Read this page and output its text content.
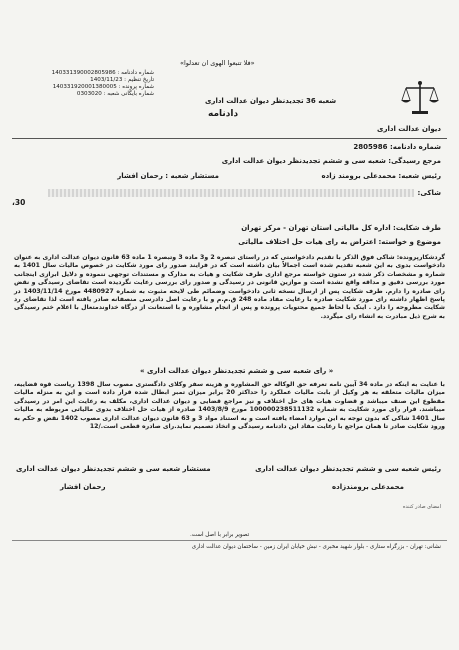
دیوان عدالت اداری
«فلا تتبعوا الهوی ان تعدلوا»
شعبه 36 تجدیدنظر دیوان عدالت اداری
دادنامه
شماره دادنامه : 140331390002805986
تاریخ تنظیم : 1403/11/23
شماره پرونده : 140331920001380005
شماره بایگانی شعبه : 0303020
شماره دادنامه: 2805986
مرجع رسیدگی: شعبه سی و ششم تجدیدنظر دیوان عدالت اداری
رئیس شعبه: محمدعلی برومند زاده
مستشار شعبه : رحمان افشار
شاکی:
،30
طرف شکایت: اداره کل مالیاتی استان تهران - مرکز تهران
موضوع و خواسته: اعتراض به رای هیات حل اختلاف مالیاتی
گردشکارپرونده: شاکی فوق الذکر با تقدیم دادخواستی که در راستای تبصره 2 و3 ماده 3 وتبصره 1 ماده 63 قانون دیوان عدالت اداری به عنوان دادخواست بدوی به این شعبه تقدیم شده است اجمالاً بیان داشته است که در فرایند صدور رای مورد شکایت در خصوص مالیات سال 1401 به شماره و مشخصات ذکر شده در ستون خواسته مرجع اداری طرف شکایت و هیات به مدارک و مستندات توجهی ننموده و دلایل ابرازی اینجانب مورد بررسی دقیق و مداقه واقع نشده است و موازین قانونی در رسیدگی و صدور رای بررسی رعایت نگردیده است تقاضای رسیدگی و نقض رای صادره را دارم. طرف شکایت پس از ارسال نسخه ثانی دادخواست وضمائم طی لایحه مثبوت به شماره 4480927 مورخ 1403/11/14 در پاسخ اظهار داشته رای مورد شکایت صادره با رعایت مفاد ماده 248 ق.م.م و با رعایت اصل دادرسی منصفانه صادر یافته است لذا تقاضای رد شکایت مطروحه را دارد . اینک با لحاظ جمیع محتویات پرونده و پس از انجام مشاوره و با استعانت از درگاه خداوندمتعال با اعلام ختم رسیدگی به شرح ذیل مبادرت به انشاء رای میگردد.
« رای شعبه سی و ششم تجدیدنظر دیوان عدالت اداری »
با عنایت به اینکه در ماده 34 آیین نامه تعرفه حق الوکاله حق المشاوره و هزینه سفر وکلای دادگستری مصوب سال 1398 ریاست قوه قضاییه، میزان مالیات متعلقه به هر وکیل از بابت مالیات عملکرد را حداکثر 20 برابر میزان تمبر ابطال شده قرار داده است و این به منزله مالیات مقطوع این صنف میباشد و قضاوت هیات های حل اختلاف و نیز مراجع قضایی و دیوان عدالت اداری، مکلف به رعایت این امر در رسیدگی میباشند. قرار رای مورد شکایت به شماره 100000238511132 مورخ 1403/8/9 صادره از هیات حل اختلاف بدوی مالیاتی مربوطه به مالیات سال 1401 شاکی که بدون توجه به این موارد امضاء یافته است و به استناد مواد 3 و 63 قانون دیوان عدالت اداری مصوب 1402 نقض و حکم به ورود شکایت صادر تا همان مراجع با رعایت مفاد این دادنامه رسیدگی و اتخاذ تصمیم نماید.رای صادره قطعی است./12
رئیس شعبه سی و ششم تجدیدنظر دیوان عدالت اداری
محمدعلی برومندزاده
مستشار شعبه سی و ششم تجدیدنظر دیوان عدالت اداری
رحمان افشار
امضای صادر کننده
تصویر برابر با اصل است.
نشانی: تهران - بزرگراه ستاری - بلوار شهید مخبری - نبش خیابان ایران زمین - ساختمان دیوان عدالت اداری
